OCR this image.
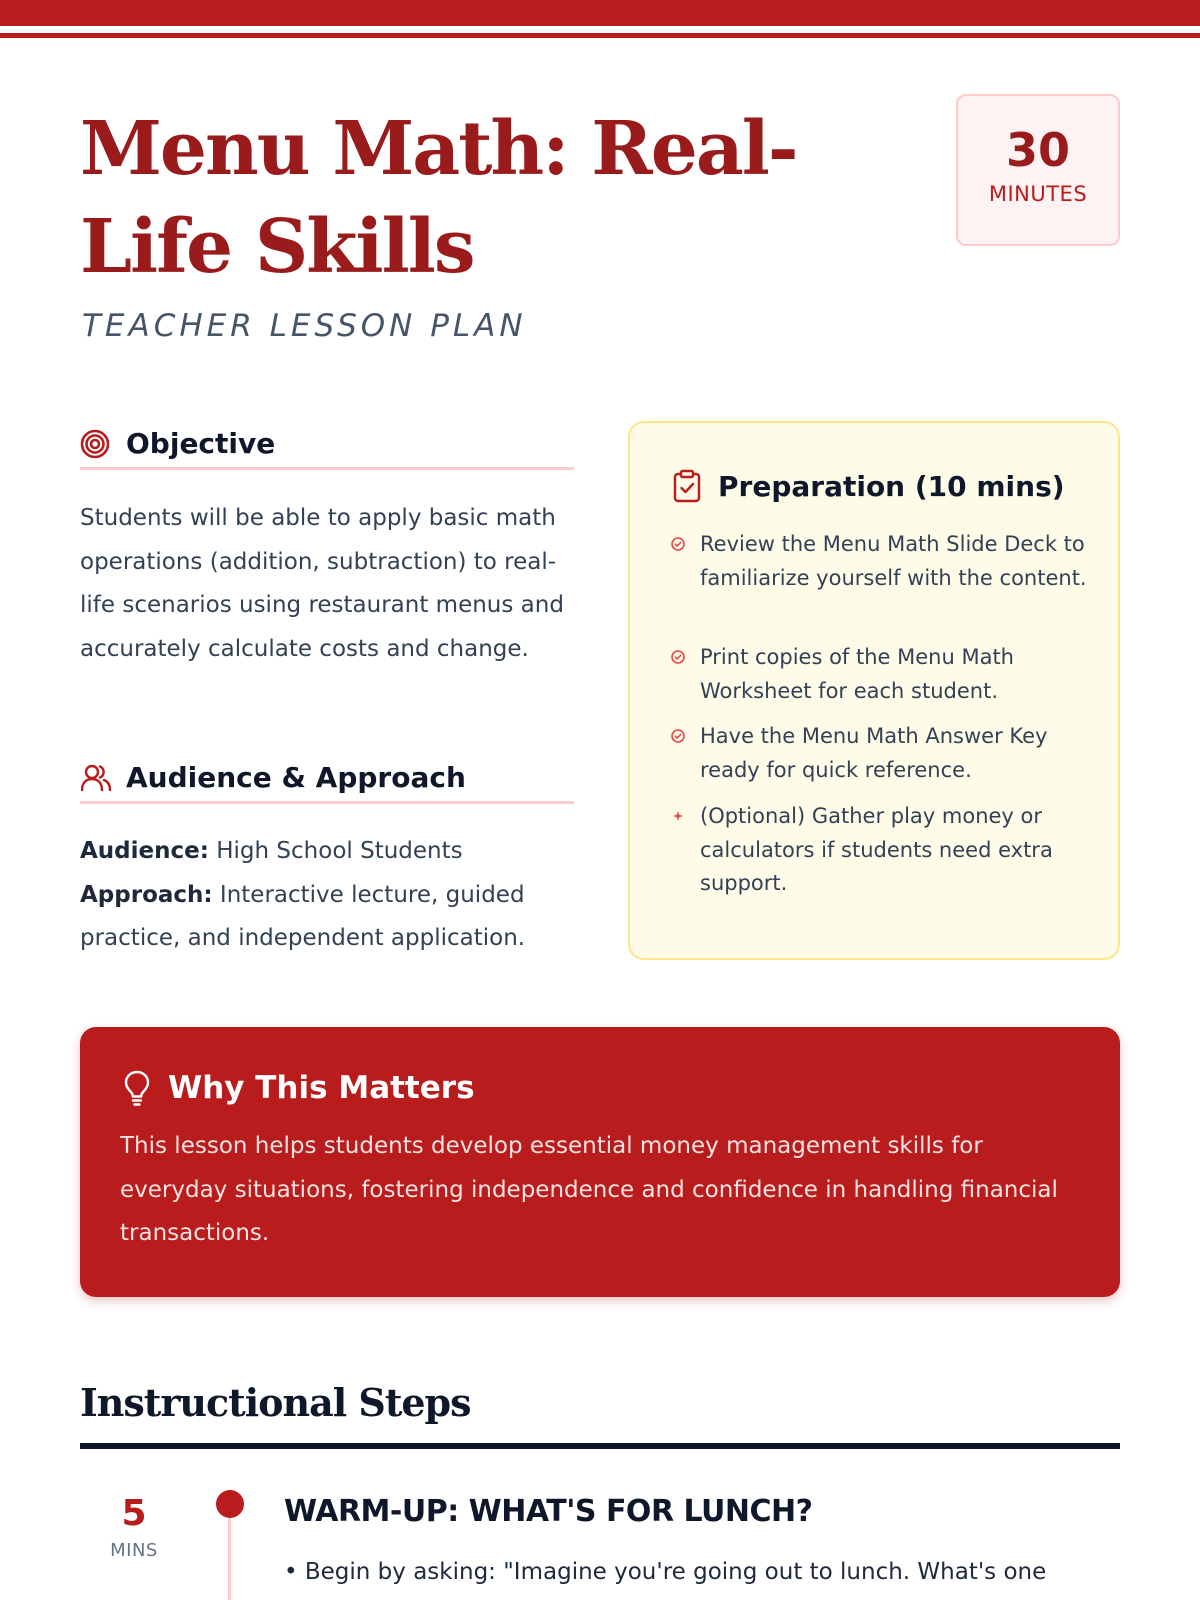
Menu Math: Real-Life Skills
TEACHER LESSON PLAN
30
MINUTES
Objective

Students will be able to apply basic math operations (addition, subtraction) to real-life scenarios using restaurant menus and accurately calculate costs and change.

Audience & Approach
Audience: High School Students
Approach: Interactive lecture, guided practice, and independent application.
Preparation (10 mins)
Review the Menu Math Slide Deck to familiarize yourself with the content.
Print copies of the Menu Math Worksheet for each student.
Have the Menu Math Answer Key ready for quick reference.
(Optional) Gather play money or calculators if students need extra support.
Why This Matters

This lesson helps students develop essential money management skills for everyday situations, fostering independence and confidence in handling financial transactions.

Instructional Steps
5
MINS
WARM-UP: WHAT'S FOR LUNCH?
• Begin by asking: "Imagine you're going out to lunch. What's one
